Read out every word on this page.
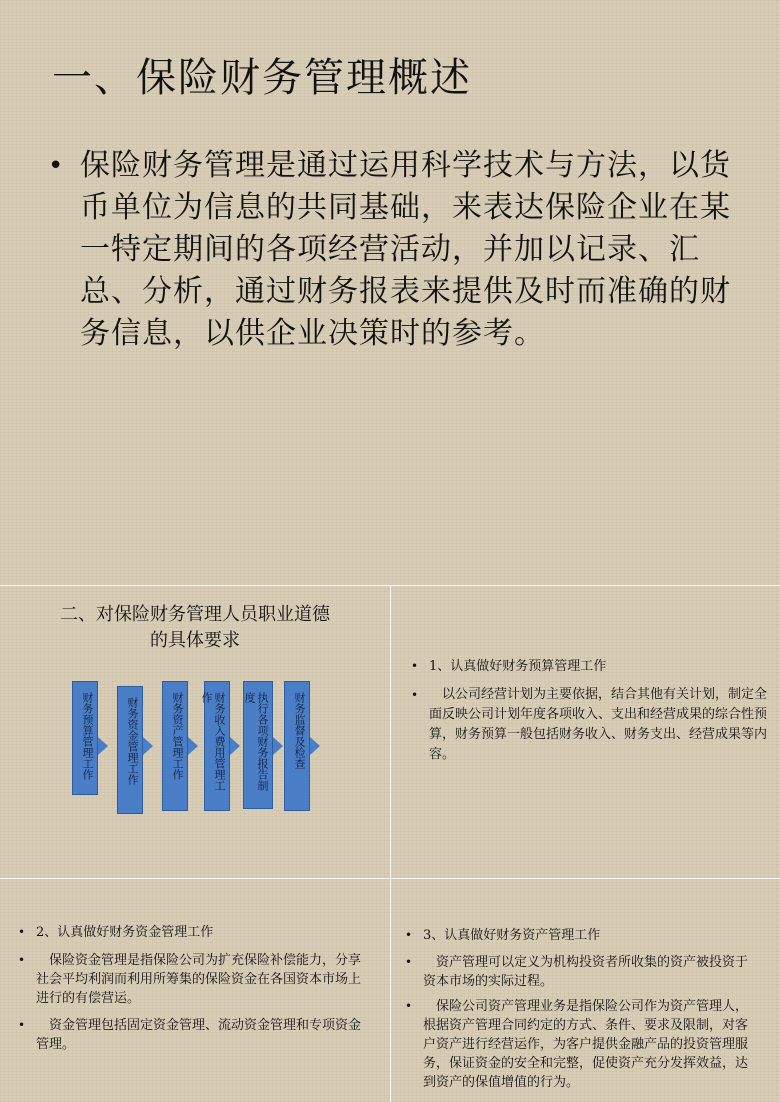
一、保险财务管理概述
• 保险财务管理是通过运用科学技术与方法，以货币单位为信息的共同基础，来表达保险企业在某一特定期间的各项经营活动，并加以记录、汇总、分析，通过财务报表来提供及时而准确的财务信息，以供企业决策时的参考。
二、对保险财务管理人员职业道德
的具体要求
财务预算管理工作	财务资金管理工作	财务资产管理工作	财务收入费用管理工作	执行各项财务报告制度	财务监督及检查
• 1、认真做好财务预算管理工作
• 　以公司经营计划为主要依据，结合其他有关计划，制定全面反映公司计划年度各项收入、支出和经营成果的综合性预算，财务预算一般包括财务收入、财务支出、经营成果等内容。
• 2、认真做好财务资金管理工作
• 　保险资金管理是指保险公司为扩充保险补偿能力，分享社会平均利润而利用所筹集的保险资金在各国资本市场上进行的有偿营运。
• 　资金管理包括固定资金管理、流动资金管理和专项资金管理。
• 3、认真做好财务资产管理工作
• 　资产管理可以定义为机构投资者所收集的资产被投资于资本市场的实际过程。
• 　保险公司资产管理业务是指保险公司作为资产管理人，根据资产管理合同约定的方式、条件、要求及限制，对客户资产进行经营运作，为客户提供金融产品的投资管理服务，保证资金的安全和完整，促使资产充分发挥效益，达到资产的保值增值的行为。
